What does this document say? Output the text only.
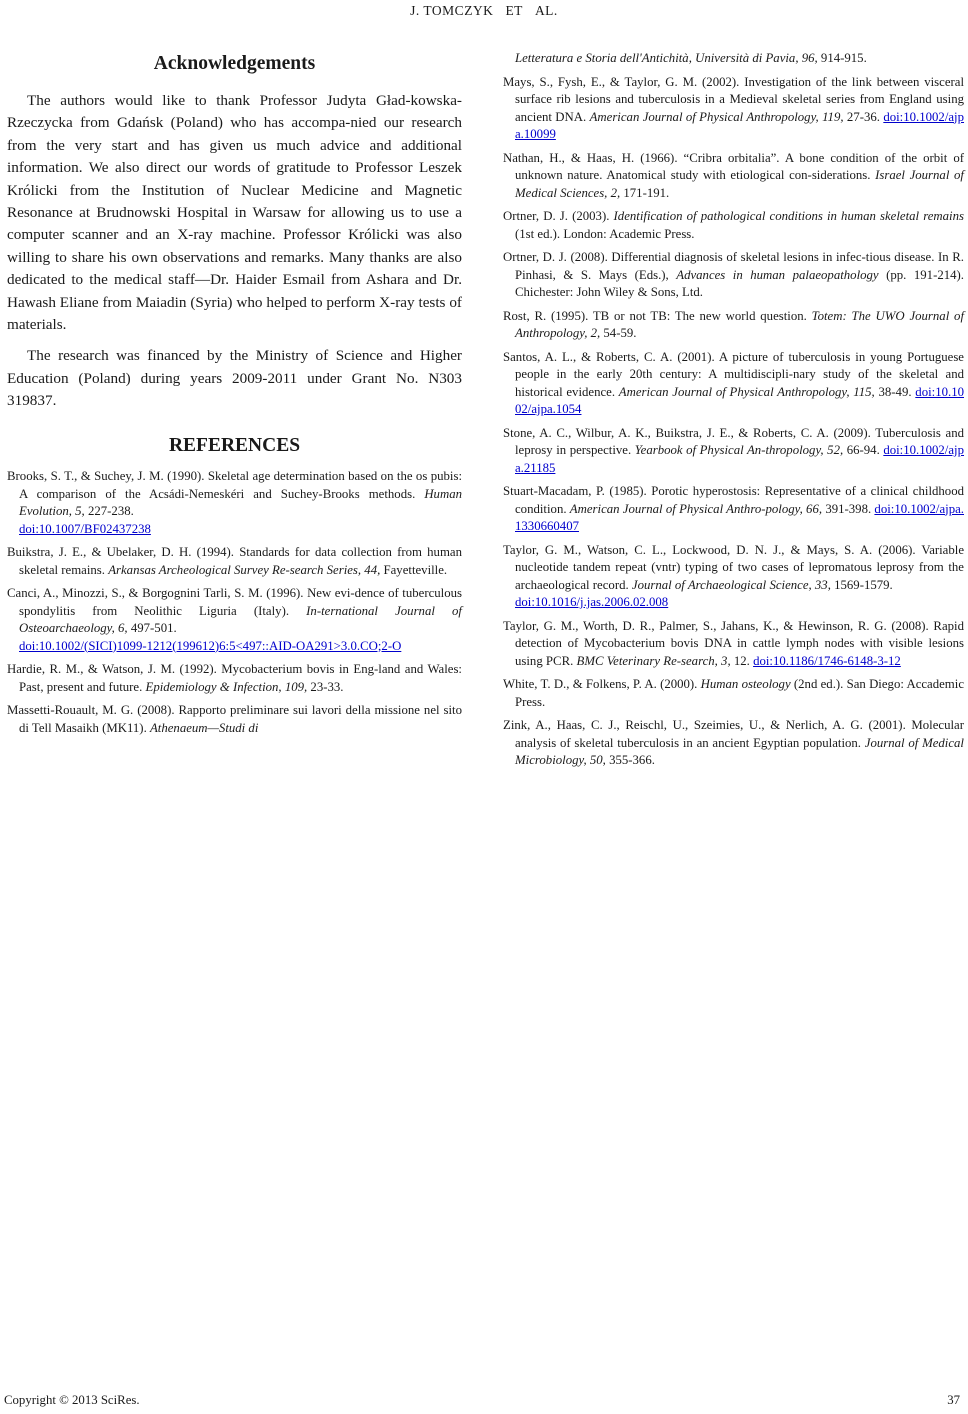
J. TOMCZYK ET AL.
Acknowledgements

The authors would like to thank Professor Judyta Gład-kowska-Rzeczycka from Gdańsk (Poland) who has accompa-nied our research from the very start and has given us much advice and additional information. We also direct our words of gratitude to Professor Leszek Królicki from the Institution of Nuclear Medicine and Magnetic Resonance at Brudnowski Hospital in Warsaw for allowing us to use a computer scanner and an X-ray machine. Professor Królicki was also willing to share his own observations and remarks. Many thanks are also dedicated to the medical staff—Dr. Haider Esmail from Ashara and Dr. Hawash Eliane from Maiadin (Syria) who helped to perform X-ray tests of materials.

The research was financed by the Ministry of Science and Higher Education (Poland) during years 2009-2011 under Grant No. N303 319837.

REFERENCES
Brooks, S. T., & Suchey, J. M. (1990). Skeletal age determination based on the os pubis: A comparison of the Acsádi-Nemeskéri and Suchey-Brooks methods. Human Evolution, 5, 227-238.
doi:10.1007/BF02437238
Buikstra, J. E., & Ubelaker, D. H. (1994). Standards for data collection from human skeletal remains. Arkansas Archeological Survey Re-search Series, 44, Fayetteville.
Canci, A., Minozzi, S., & Borgognini Tarli, S. M. (1996). New evi-dence of tuberculous spondylitis from Neolithic Liguria (Italy). In-ternational Journal of Osteoarchaeology, 6, 497-501.
doi:10.1002/(SICI)1099-1212(199612)6:5<497::AID-OA291>3.0.CO;2-O
Hardie, R. M., & Watson, J. M. (1992). Mycobacterium bovis in Eng-land and Wales: Past, present and future. Epidemiology & Infection, 109, 23-33.
Massetti-Rouault, M. G. (2008). Rapporto preliminare sui lavori della missione nel sito di Tell Masaikh (MK11). Athenaeum—Studi di
Letteratura e Storia dell'Antichità, Università di Pavia, 96, 914-915.
Mays, S., Fysh, E., & Taylor, G. M. (2002). Investigation of the link between visceral surface rib lesions and tuberculosis in a Medieval skeletal series from England using ancient DNA. American Journal of Physical Anthropology, 119, 27-36. doi:10.1002/ajpa.10099
Nathan, H., & Haas, H. (1966). “Cribra orbitalia”. A bone condition of the orbit of unknown nature. Anatomical study with etiological con-siderations. Israel Journal of Medical Sciences, 2, 171-191.
Ortner, D. J. (2003). Identification of pathological conditions in human skeletal remains (1st ed.). London: Academic Press.
Ortner, D. J. (2008). Differential diagnosis of skeletal lesions in infec-tious disease. In R. Pinhasi, & S. Mays (Eds.), Advances in human palaeopathology (pp. 191-214). Chichester: John Wiley & Sons, Ltd.
Rost, R. (1995). TB or not TB: The new world question. Totem: The UWO Journal of Anthropology, 2, 54-59.
Santos, A. L., & Roberts, C. A. (2001). A picture of tuberculosis in young Portuguese people in the early 20th century: A multidiscipli-nary study of the skeletal and historical evidence. American Journal of Physical Anthropology, 115, 38-49. doi:10.1002/ajpa.1054
Stone, A. C., Wilbur, A. K., Buikstra, J. E., & Roberts, C. A. (2009). Tuberculosis and leprosy in perspective. Yearbook of Physical An-thropology, 52, 66-94. doi:10.1002/ajpa.21185
Stuart-Macadam, P. (1985). Porotic hyperostosis: Representative of a clinical childhood condition. American Journal of Physical Anthro-pology, 66, 391-398. doi:10.1002/ajpa.1330660407
Taylor, G. M., Watson, C. L., Lockwood, D. N. J., & Mays, S. A. (2006). Variable nucleotide tandem repeat (vntr) typing of two cases of lepromatous leprosy from the archaeological record. Journal of Archaeological Science, 33, 1569-1579.
doi:10.1016/j.jas.2006.02.008
Taylor, G. M., Worth, D. R., Palmer, S., Jahans, K., & Hewinson, R. G. (2008). Rapid detection of Mycobacterium bovis DNA in cattle lymph nodes with visible lesions using PCR. BMC Veterinary Re-search, 3, 12. doi:10.1186/1746-6148-3-12
White, T. D., & Folkens, P. A. (2000). Human osteology (2nd ed.). San Diego: Accademic Press.
Zink, A., Haas, C. J., Reischl, U., Szeimies, U., & Nerlich, A. G. (2001). Molecular analysis of skeletal tuberculosis in an ancient Egyptian population. Journal of Medical Microbiology, 50, 355-366.
Copyright © 2013 SciRes.	37
